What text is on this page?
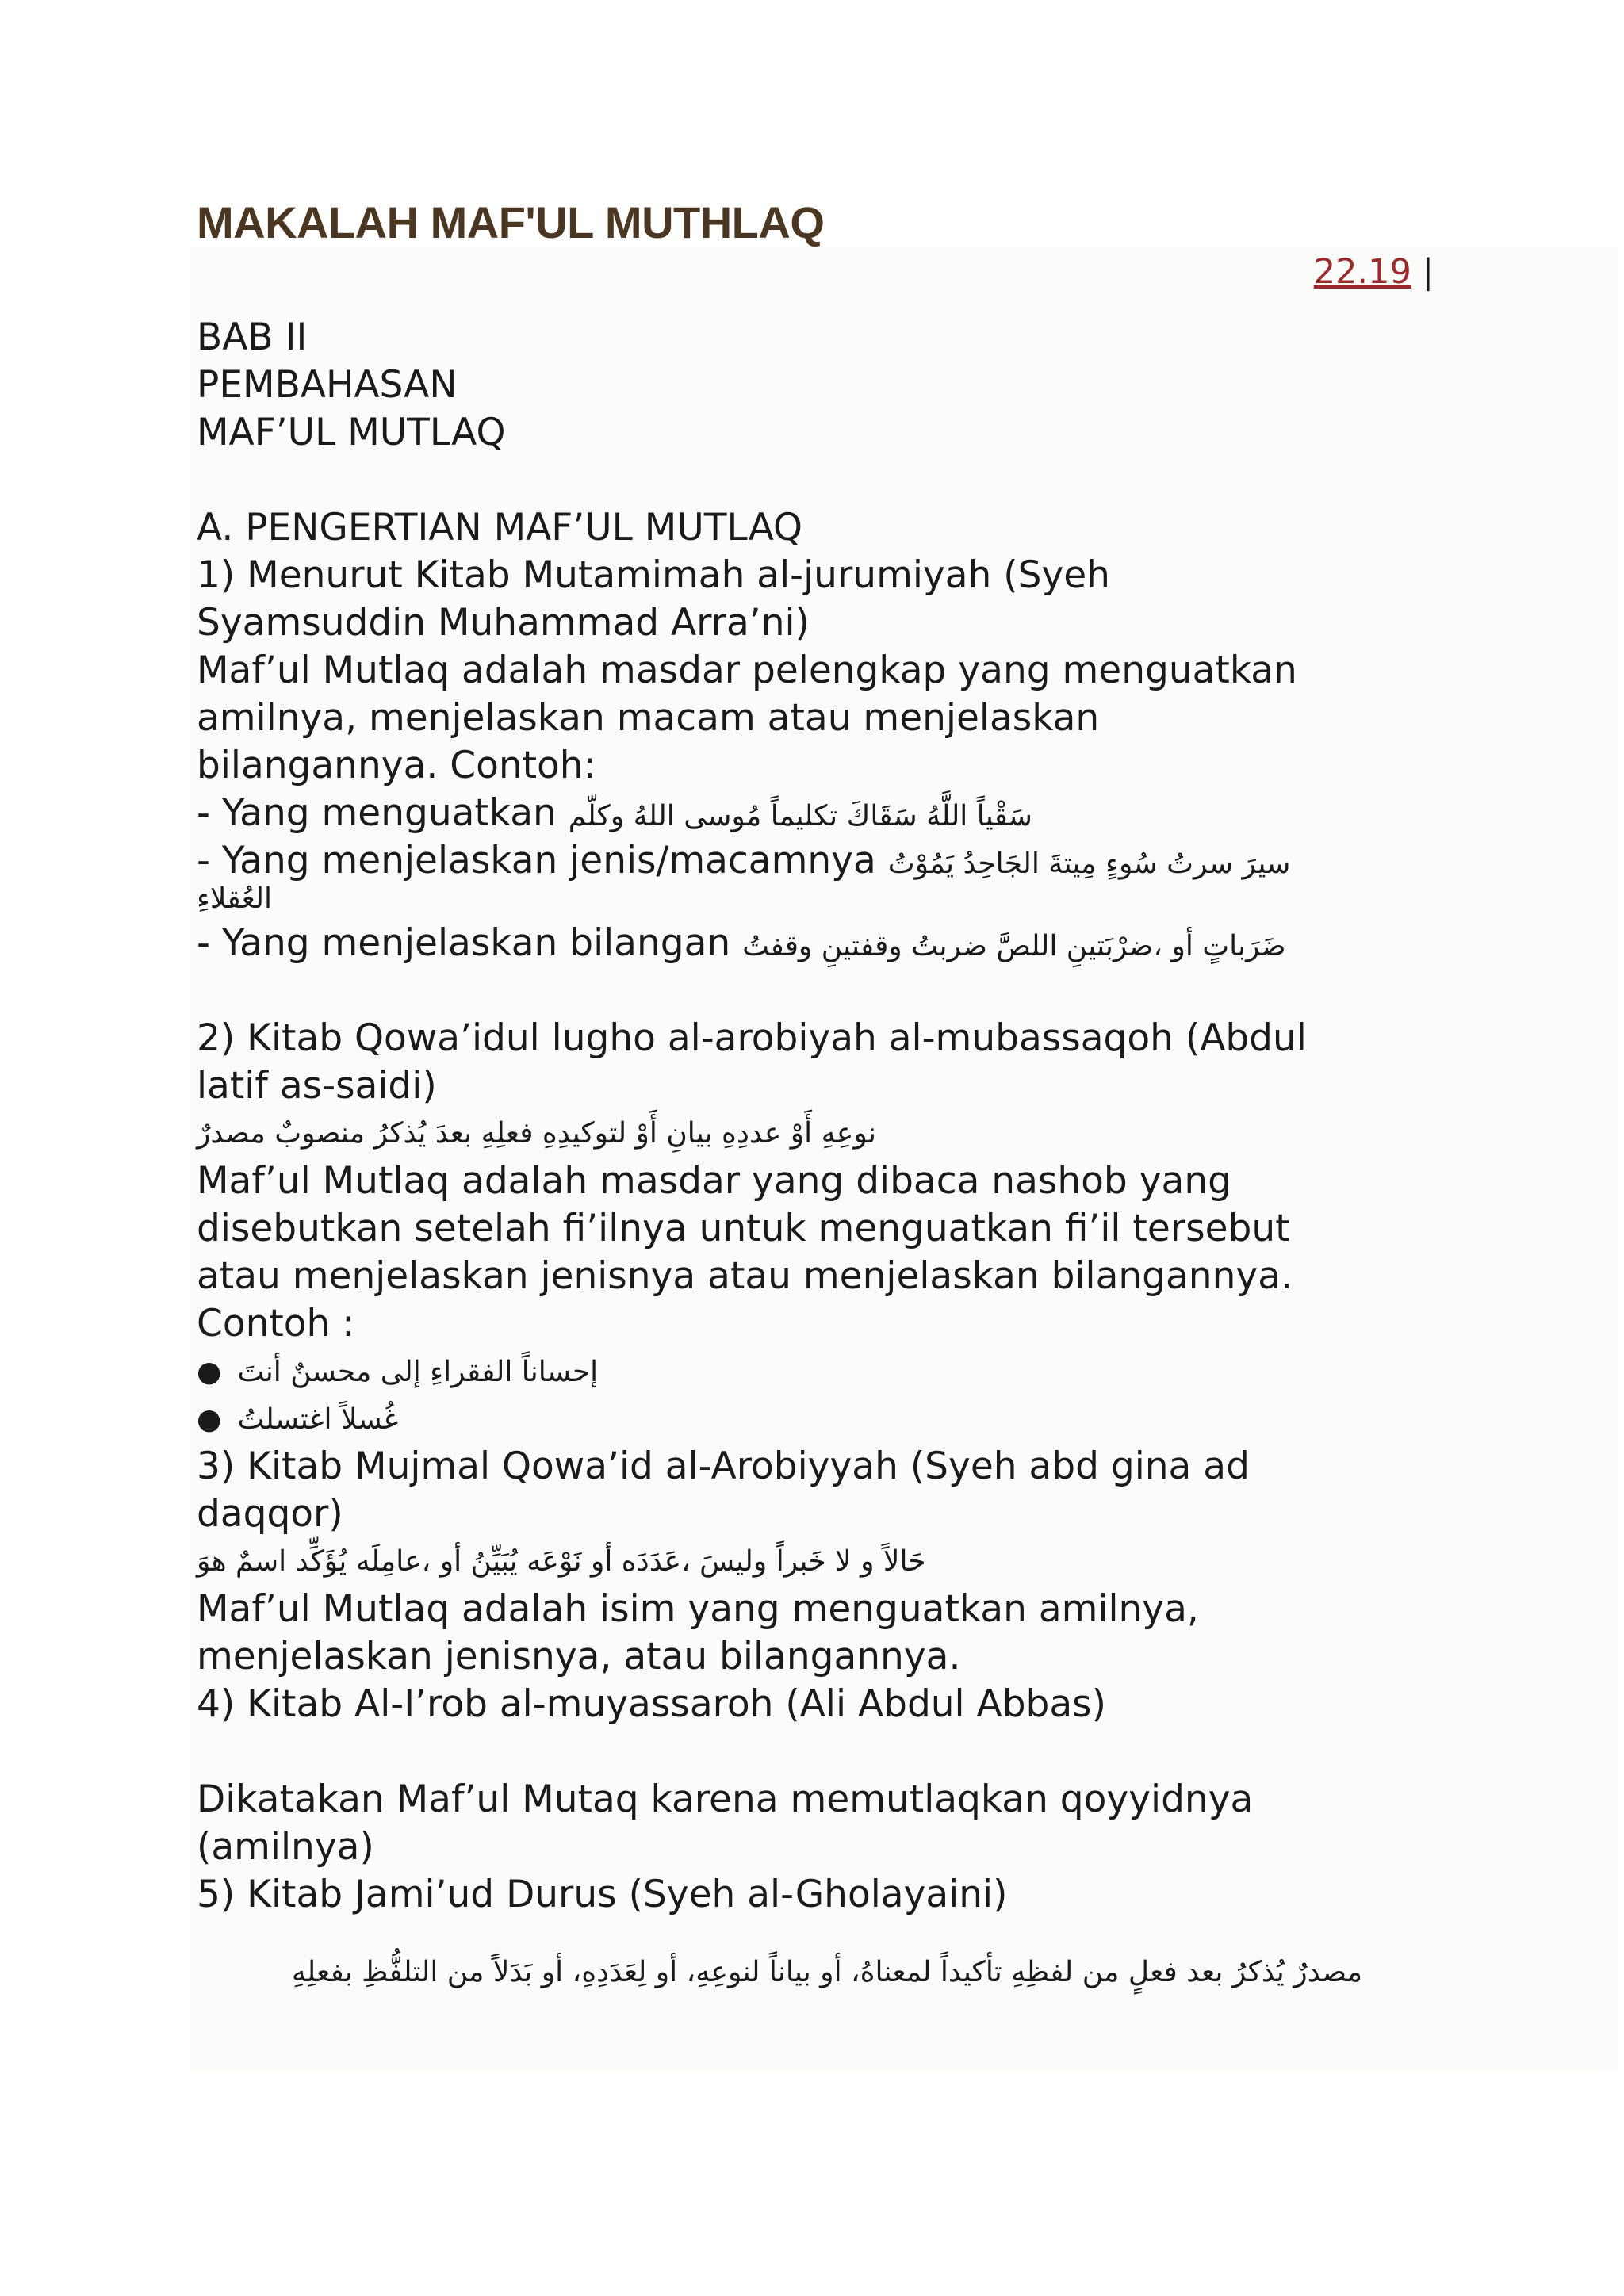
MAKALAH MAF'UL MUTHLAQ
22.19 |
BAB II
PEMBAHASAN
MAF’UL MUTLAQ
A. PENGERTIAN MAF’UL MUTLAQ
1) Menurut Kitab Mutamimah al-jurumiyah (Syeh
Syamsuddin Muhammad Arra’ni)
Maf’ul Mutlaq adalah masdar pelengkap yang menguatkan
amilnya, menjelaskan macam atau menjelaskan
bilangannya. Contoh:
- Yang menguatkan سَقْياً اللَّهُ سَقَاكَ تكليماً مُوسى اللهُ وكلّم
- Yang menjelaskan jenis/macamnya سيرَ سرتُ سُوءٍ مِيتةَ الجَاحِدُ يَمُوْتُ
العُقلاءِ
- Yang menjelaskan bilangan ضَرَباتٍ أو ،ضرْبَتينِ اللصَّ ضربتُ وقفتينِ وقفتُ
2) Kitab Qowa’idul lugho al-arobiyah al-mubassaqoh (Abdul
latif as-saidi)
نوعِهِ أَوْ عددِهِ بيانِ أَوْ لتوكيدِهِ فعلِهِ بعدَ يُذكرُ منصوبٌ مصدرٌ
Maf’ul Mutlaq adalah masdar yang dibaca nashob yang
disebutkan setelah fi’ilnya untuk menguatkan fi’il tersebut
atau menjelaskan jenisnya atau menjelaskan bilangannya.
Contoh :
● إحساناً الفقراءِ إلى محسنٌ أنتَ
● غُسلاً اغتسلتُ
3) Kitab Mujmal Qowa’id al-Arobiyyah (Syeh abd gina ad
daqqor)
حَالاً و لا خَبراً وليسَ ،عَدَدَه أو نَوْعَه يُبَيِّنُ أو ،عامِلَه يُؤَكِّد اسمٌ هوَ
Maf’ul Mutlaq adalah isim yang menguatkan amilnya,
menjelaskan jenisnya, atau bilangannya.
4) Kitab Al-I’rob al-muyassaroh (Ali Abdul Abbas)
Dikatakan Maf’ul Mutaq karena memutlaqkan qoyyidnya
(amilnya)
5) Kitab Jami’ud Durus (Syeh al-Gholayaini)
مصدرٌ يُذكرُ بعد فعلٍ من لفظِهِ تأكيداً لمعناهُ، أو بياناً لنوعِهِ، أو لِعَدَدِهِ، أو بَدَلاً من التلفُّظِ بفعلِهِ
